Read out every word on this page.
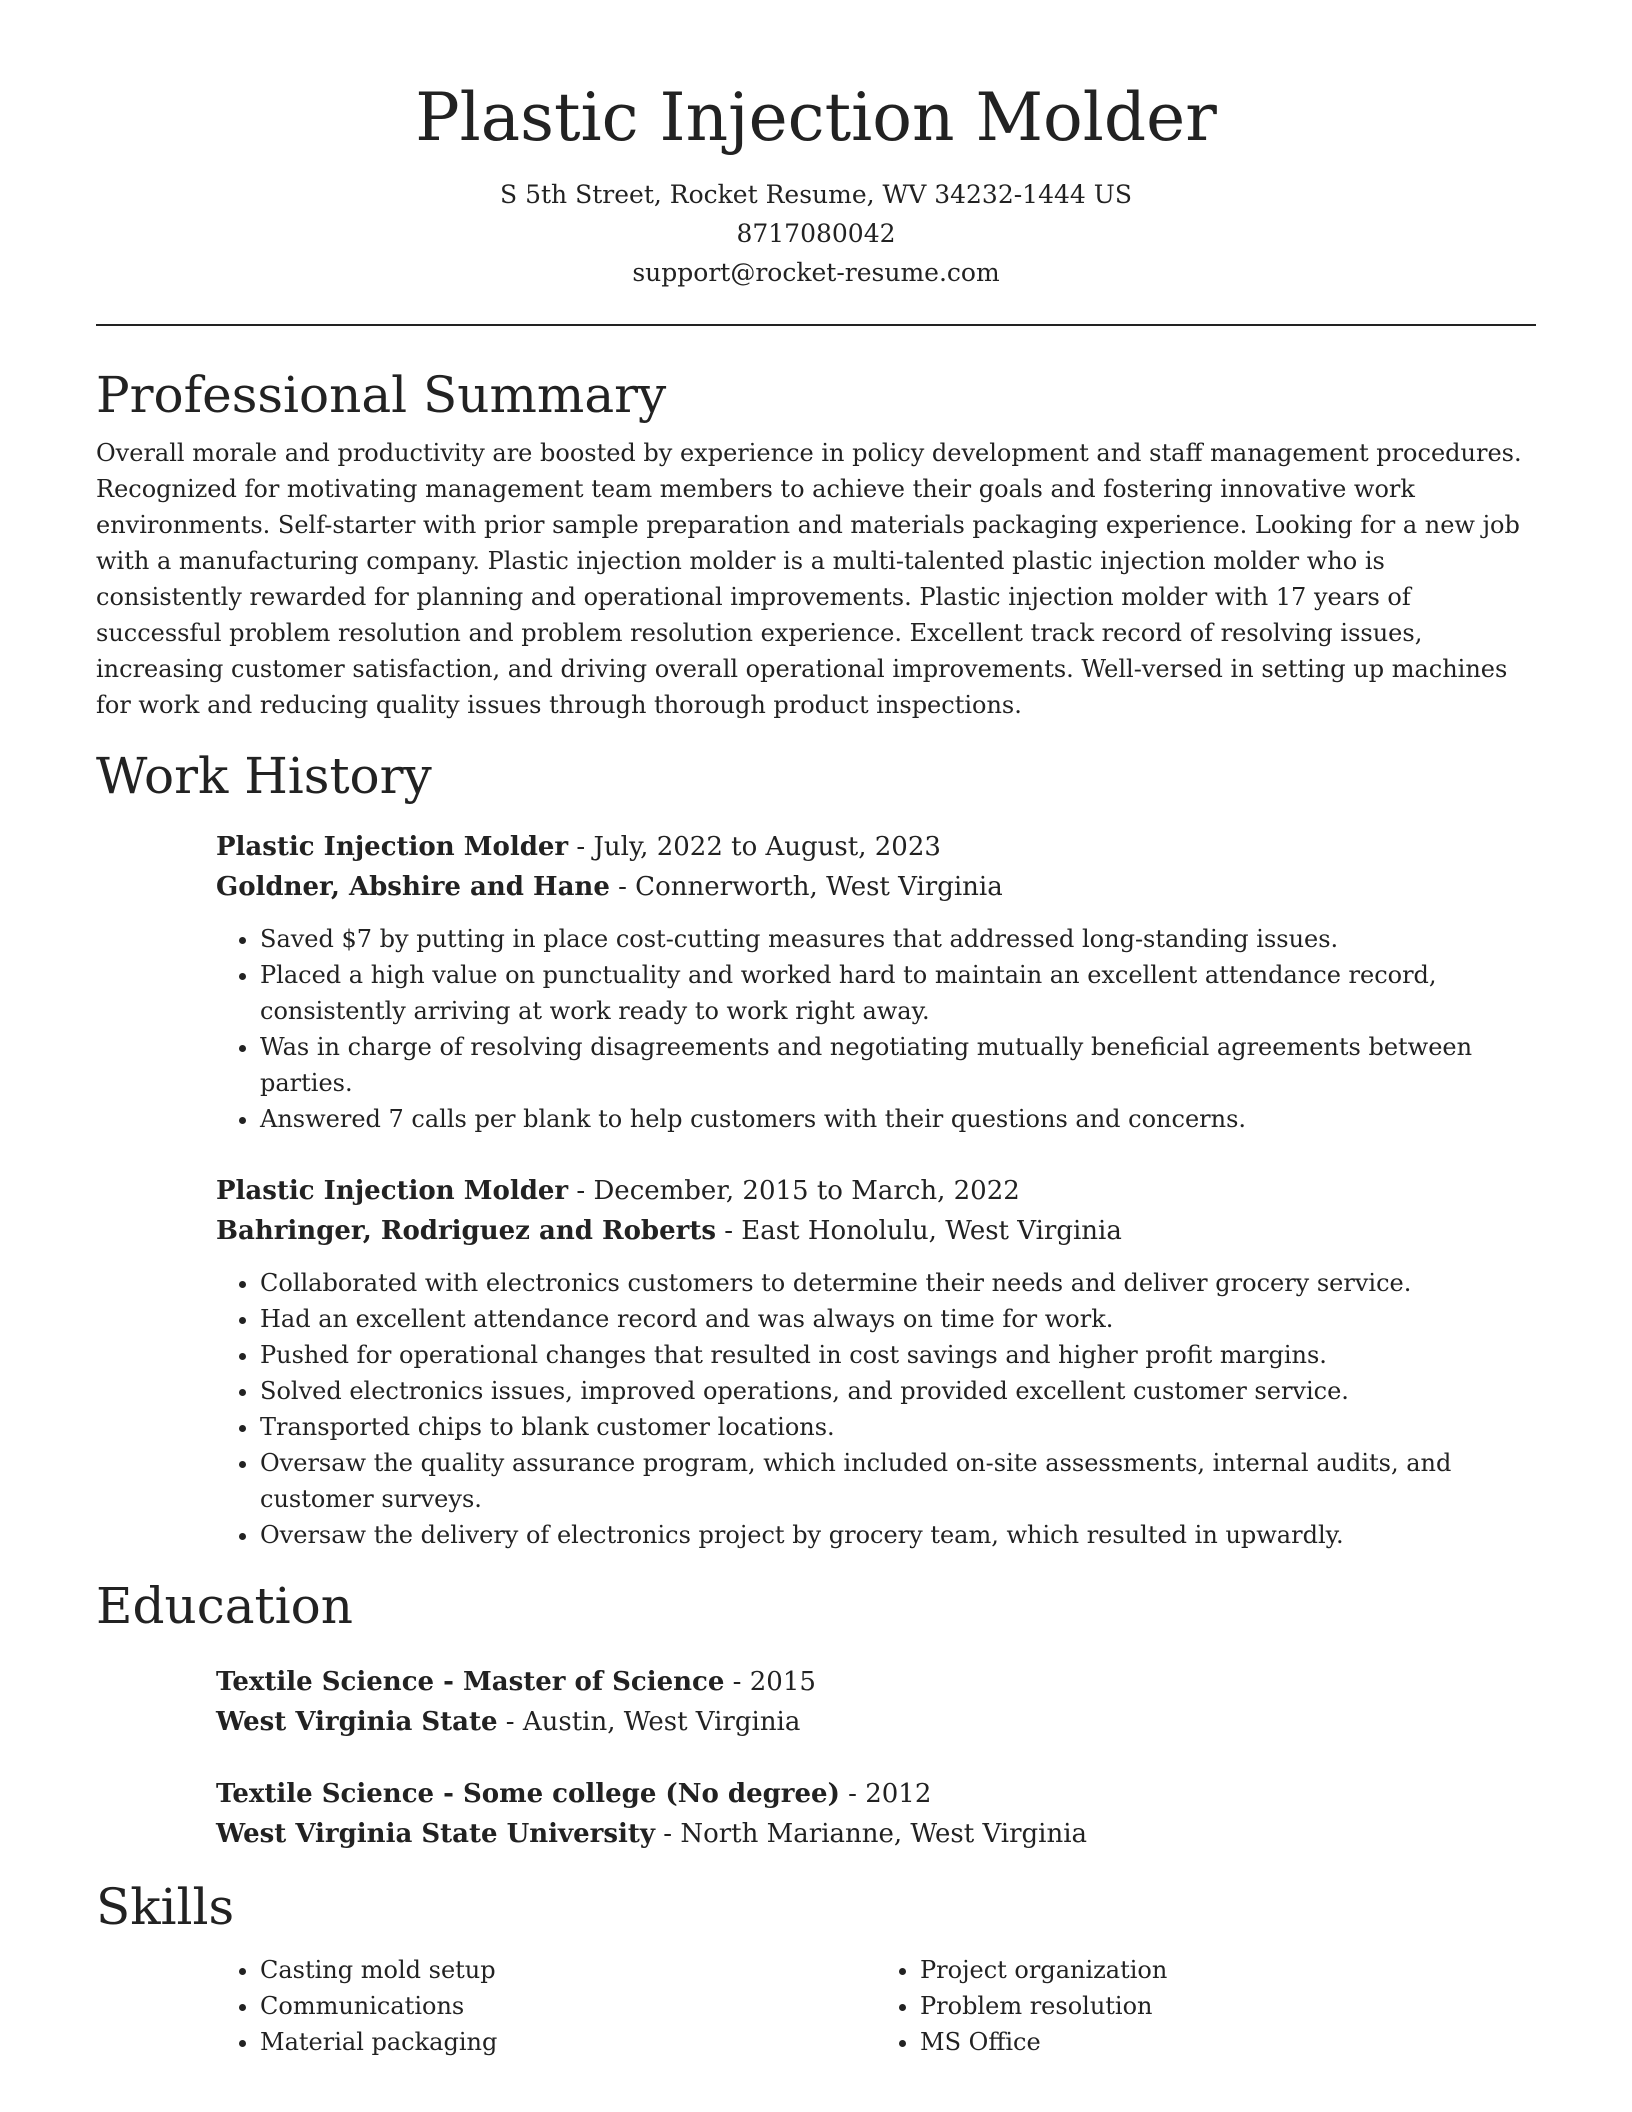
Plastic Injection Molder
S 5th Street, Rocket Resume, WV 34232-1444 US
8717080042
support@rocket-resume.com
Professional Summary

Overall morale and productivity are boosted by experience in policy development and staff management procedures. Recognized for motivating management team members to achieve their goals and fostering innovative work environments. Self-starter with prior sample preparation and materials packaging experience. Looking for a new job with a manufacturing company. Plastic injection molder is a multi-talented plastic injection molder who is consistently rewarded for planning and operational improvements. Plastic injection molder with 17 years of successful problem resolution and problem resolution experience. Excellent track record of resolving issues, increasing customer satisfaction, and driving overall operational improvements. Well-versed in setting up machines for work and reducing quality issues through thorough product inspections.

Work History
Plastic Injection Molder - July, 2022 to August, 2023
Goldner, Abshire and Hane - Connerworth, West Virginia
• Saved $7 by putting in place cost-cutting measures that addressed long-standing issues.
• Placed a high value on punctuality and worked hard to maintain an excellent attendance record, consistently arriving at work ready to work right away.
• Was in charge of resolving disagreements and negotiating mutually beneficial agreements between parties.
• Answered 7 calls per blank to help customers with their questions and concerns.
Plastic Injection Molder - December, 2015 to March, 2022
Bahringer, Rodriguez and Roberts - East Honolulu, West Virginia
• Collaborated with electronics customers to determine their needs and deliver grocery service.
• Had an excellent attendance record and was always on time for work.
• Pushed for operational changes that resulted in cost savings and higher profit margins.
• Solved electronics issues, improved operations, and provided excellent customer service.
• Transported chips to blank customer locations.
• Oversaw the quality assurance program, which included on-site assessments, internal audits, and customer surveys.
• Oversaw the delivery of electronics project by grocery team, which resulted in upwardly.
Education
Textile Science - Master of Science - 2015
West Virginia State - Austin, West Virginia
Textile Science - Some college (No degree) - 2012
West Virginia State University - North Marianne, West Virginia
Skills
• Casting mold setup
• Communications
• Material packaging
• Project organization
• Problem resolution
• MS Office
